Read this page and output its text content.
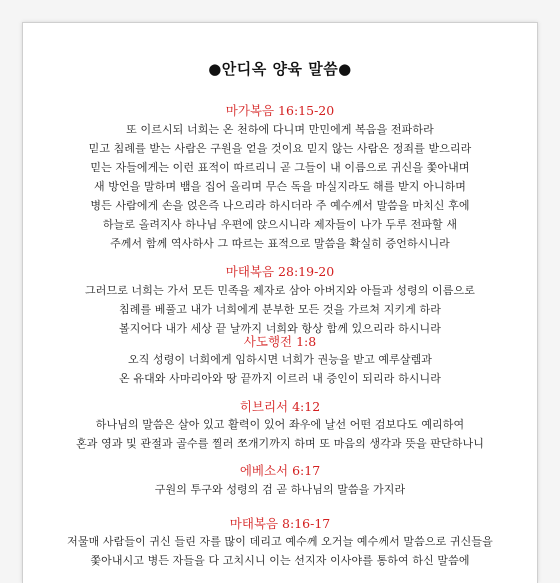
●안디옥 양육 말씀●
마가복음 16:15-20
또 이르시되 너희는 온 천하에 다니며 만민에게 복음을 전파하라
믿고 침례를 받는 사람은 구원을 얻을 것이요 믿지 않는 사람은 정죄를 받으리라
믿는 자들에게는 이런 표적이 따르리니 곧 그들이 내 이름으로 귀신을 쫓아내며
새 방언을 말하며 뱀을 집어 올리며 무슨 독을 마실지라도 해를 받지 아니하며
병든 사람에게 손을 얹은즉 나으리라 하시더라 주 예수께서 말씀을 마치신 후에
하늘로 올려지사 하나님 우편에 앉으시니라 제자들이 나가 두루 전파할 새
주께서 함께 역사하사 그 따르는 표적으로 말씀을 확실히 증언하시니라
마태복음 28:19-20
그러므로 너희는 가서 모든 민족을 제자로 삼아 아버지와 아들과 성령의 이름으로
침례를 베풀고 내가 너희에게 분부한 모든 것을 가르쳐 지키게 하라
볼지어다 내가 세상 끝 날까지 너희와 항상 함께 있으리라 하시니라
사도행전 1:8
오직 성령이 너희에게 임하시면 너희가 권능을 받고 예루살렘과
온 유대와 사마리아와 땅 끝까지 이르러 내 증인이 되리라 하시니라
히브리서 4:12
하나님의 말씀은 살아 있고 활력이 있어 좌우에 날선 어떤 검보다도 예리하여
혼과 영과 및 관절과 골수를 찔러 쪼개기까지 하며 또 마음의 생각과 뜻을 판단하나니
에베소서 6:17
구원의 투구와 성령의 검 곧 하나님의 말씀을 가지라
마태복음 8:16-17
저물매 사람들이 귀신 들린 자를 많이 데리고 예수께 오거늘 예수께서 말씀으로 귀신들을
쫓아내시고 병든 자들을 다 고치시니 이는 선지자 이사야를 통하여 하신 말씀에
